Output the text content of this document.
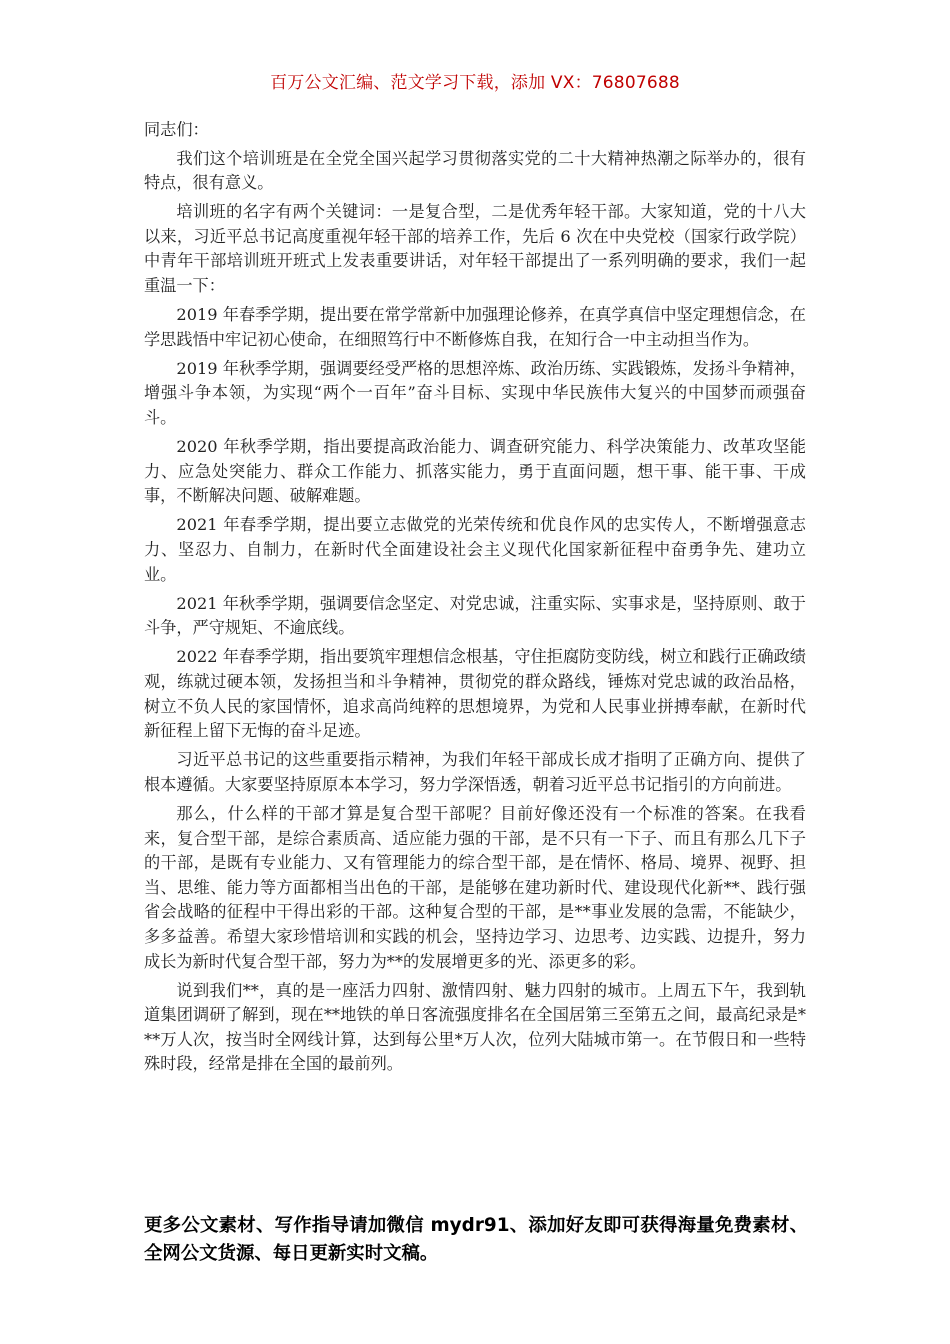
百万公文汇编、范文学习下载，添加 VX：76807688

同志们：

我们这个培训班是在全党全国兴起学习贯彻落实党的二十大精神热潮之际举办的，很有特点，很有意义。

培训班的名字有两个关键词：一是复合型，二是优秀年轻干部。大家知道，党的十八大以来，习近平总书记高度重视年轻干部的培养工作，先后 6 次在中央党校（国家行政学院）中青年干部培训班开班式上发表重要讲话，对年轻干部提出了一系列明确的要求，我们一起重温一下：

2019 年春季学期，提出要在常学常新中加强理论修养，在真学真信中坚定理想信念，在学思践悟中牢记初心使命，在细照笃行中不断修炼自我，在知行合一中主动担当作为。

2019 年秋季学期，强调要经受严格的思想淬炼、政治历练、实践锻炼，发扬斗争精神，增强斗争本领，为实现“两个一百年”奋斗目标、实现中华民族伟大复兴的中国梦而顽强奋斗。

2020 年秋季学期，指出要提高政治能力、调查研究能力、科学决策能力、改革攻坚能力、应急处突能力、群众工作能力、抓落实能力，勇于直面问题，想干事、能干事、干成事，不断解决问题、破解难题。

2021 年春季学期，提出要立志做党的光荣传统和优良作风的忠实传人，不断增强意志力、坚忍力、自制力，在新时代全面建设社会主义现代化国家新征程中奋勇争先、建功立业。

2021 年秋季学期，强调要信念坚定、对党忠诚，注重实际、实事求是，坚持原则、敢于斗争，严守规矩、不逾底线。

2022 年春季学期，指出要筑牢理想信念根基，守住拒腐防变防线，树立和践行正确政绩观，练就过硬本领，发扬担当和斗争精神，贯彻党的群众路线，锤炼对党忠诚的政治品格，树立不负人民的家国情怀，追求高尚纯粹的思想境界，为党和人民事业拼搏奉献，在新时代新征程上留下无悔的奋斗足迹。

习近平总书记的这些重要指示精神，为我们年轻干部成长成才指明了正确方向、提供了根本遵循。大家要坚持原原本本学习，努力学深悟透，朝着习近平总书记指引的方向前进。

那么，什么样的干部才算是复合型干部呢？目前好像还没有一个标准的答案。在我看来，复合型干部，是综合素质高、适应能力强的干部，是不只有一下子、而且有那么几下子的干部，是既有专业能力、又有管理能力的综合型干部，是在情怀、格局、境界、视野、担当、思维、能力等方面都相当出色的干部，是能够在建功新时代、建设现代化新**、践行强省会战略的征程中干得出彩的干部。这种复合型的干部，是**事业发展的急需，不能缺少，多多益善。希望大家珍惜培训和实践的机会，坚持边学习、边思考、边实践、边提升，努力成长为新时代复合型干部，努力为**的发展增更多的光、添更多的彩。

说到我们**，真的是一座活力四射、激情四射、魅力四射的城市。上周五下午，我到轨道集团调研了解到，现在**地铁的单日客流强度排名在全国居第三至第五之间，最高纪录是***万人次，按当时全网线计算，达到每公里*万人次，位列大陆城市第一。在节假日和一些特殊时段，经常是排在全国的最前列。

更多公文素材、写作指导请加微信 mydr91、添加好友即可获得海量免费素材、全网公文货源、每日更新实时文稿。
